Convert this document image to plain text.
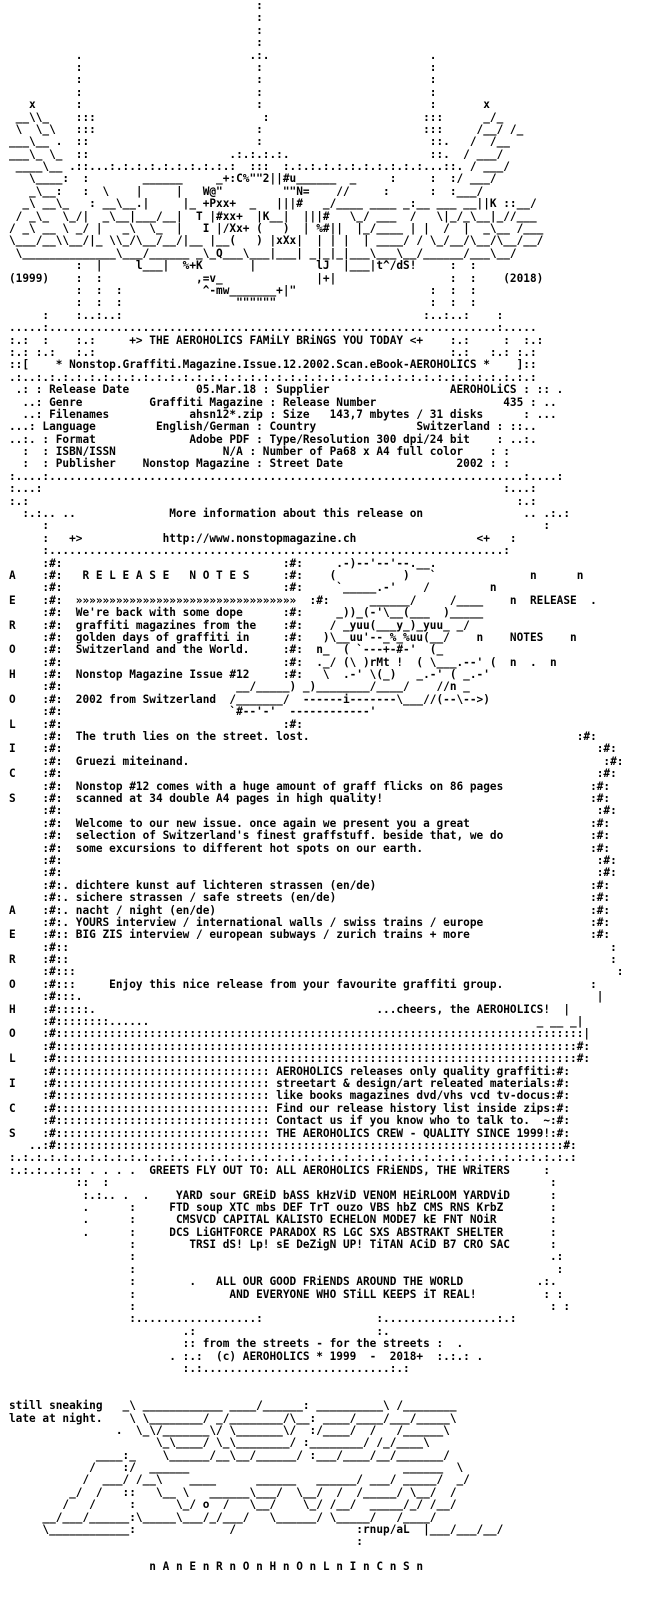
:
:
:
:
.                         .:.                        .
:                          :                         :
:                          :                         :
:                          :                         :
x      :                          :                         :       x
__\\_    :::                         :                       :::      _/_
\  \_\   :::                        :                        :::     /__/ /_
___\__ .  ::                         :                         ::.   /  /__
___\_ \_  ::                     .:.:.:.:.                     ::.  / ___/
____\__ .::...:.:.:.:.:.:.:.:.:.:  :::  :.:.:.:.:.:.:.:.:.:.:...::. / ___/
\____:  :        ______     _+:C%""2||#u______  _     :     :  :/ ___/
_\__:   :  \    |     |   W@"         ""N=    //     :      :  :___/
_\ __\_   : __\__.|     |_ +Pxx+  _   |||#   _/____ ____ _:__ ___ __||K ::__/
/ _\_  \_/|  _\__|___/__|  T |#xx+  |K__|  |||#   \_/ ___  /   \|_/_\__|_//___
/ _\ __ \ _/ |   _\  \_  |   I |/Xx+ (   )  | %#||  |_/____ | |  /  |  _\__ /___
\___/__\\__/|_ \\_/\__/__/|__ |__(   ) |xXx|  | | |  | ____/ / \_/__/\__/\__/__/
\______________\___/______ _\_Q___\___|___| _|_|_|___\___\__/______/___\__/
:  |     l___|  %+K       |         lJ  |___|t^/dS!     :  :
(1999)    :  :              ,=v_              |+|                 :  :    (2018)
:  :  :            ^-mw_______+|"                    :  :  :
:  :  :                 """"""                       :  :  :
:    :..:..:                                             :..:..:    :
.....:...................................................................:.....
:.:  :    :.:     +> THE AEROHOLICS FAMiLY BRiNGS YOU TODAY <+    :.:     :  :.:
:.: :.:   :.:                                                     :.:   :.: :.:
::[    * Nonstop.Graffiti.Magazine.Issue.12.2002.Scan.eBook-AEROHOLICS *    ]::
.:..:.:.:.:.:.:.:.:.:.:.:.:.:.:.:.:.:.:.:.:.:.:.:.:.:.:.:.:.:.:.:.:.:.:.:.:.:.:
.: : Release Date          05.Mar.18 : Supplier                  AEROHOLiCS : :: .
..: Genre          Graffiti Magazine : Release Number                   435 : ..
..: Filenames            ahsn12*.zip : Size   143,7 mbytes / 31 disks      : ...
...: Language         English/German : Country               Switzerland : ::..
..:. : Format              Adobe PDF : Type/Resolution 300 dpi/24 bit    : ..:.
:  : ISBN/ISSN                N/A : Number of Pa68 x A4 full color    : :
:  : Publisher    Nonstop Magazine : Street Date                 2002 : :
:....:.......................................................................:....:
:...:                                                                     :...:
:.:                                                                         :.:
:.:.. ..              More information about this release on               .. .:.:
:                                                                          :
:   +>            http://www.nonstopmagazine.ch                  <+   :
:....................................................................:
:#:                                 :#:     .-)--'--'--.__.
A    :#:   R E L E A S E   N O T E S     :#:    (          )   `              n      n
:#:                                 :#:     `_____.-'    /         n
E    :#:  »»»»»»»»»»»»»»»»»»»»»»»»»»»»»»»»»  :#:      ______/     /____    n  RELEASE  .
:#:  We're back with some dope      :#:     _))_(-'\__(___  )_____
R    :#:  graffiti magazines from the    :#:    / _yuu(___y_)_yuu_ _/
:#:  golden days of graffiti in     :#:   )\__uu'--_%_%uu(__/    n    NOTES    n
O    :#:  Switzerland and the World.     :#:  n_  ( `---+-#-'  (_
:#:                                 :#:  ._/ (\ )rMt !  ( \___.--' (  n  .  n
H    :#:  Nonstop Magazine Issue #12     :#:   \  .-' \(_)   _.-' ( _.-'
:#:                          __/_____) _)________/____/    //n _
O    :#:  2002 from Switzerland  /_______/  ------i-------\___//(--\-->)
:#:                         `#--'-'  ------------'
L    :#:                                 :#:
:#:  The truth lies on the street. lost.                                        :#:
I    :#:                                                                                :#:
:#:  Gruezi miteinand.                                                              :#:
C    :#:                                                                                :#:
:#:  Nonstop #12 comes with a huge amount of graff flicks on 86 pages             :#:
S    :#:  scanned at 34 double A4 pages in high quality!                               :#:
:#:                                                                                :#:
:#:  Welcome to our new issue. once again we present you a great                  :#:
:#:  selection of Switzerland's finest graffstuff. beside that, we do             :#:
:#:  some excursions to different hot spots on our earth.                         :#:
:#:                                                                                :#:
:#:                                                                                :#:
:#:. dichtere kunst auf lichteren strassen (en/de)                                :#:
:#:. sichere strassen / safe streets (en/de)                                      :#:
A    :#:. nacht / night (en/de)                                                        :#:
:#:. YOURS interview / international walls / swiss trains / europe                :#:
E    :#:: BIG ZIS interview / european subways / zurich trains + more                  :#:
:#::                                                                                 :
R    :#::                                                                                 :
:#:::                                                                                 :
O    :#:::     Enjoy this nice release from your favourite graffiti group.             :
:#:::.                                                                             |
H    :#:::::.                                          ...cheers, the AEROHOLICS!  |
:#::::::::......                                                          _ __ _|
O    :#:::::::::::::::::::::::::::::::::::::::::::::::::::::::::::::::::::::::::::::::|
:#::::::::::::::::::::::::::::::::::::::::::::::::::::::::::::::::::::::::::::::#:
L    :#::::::::::::::::::::::::::::::::::::::::::::::::::::::::::::::::::::::::::::::#:
:#:::::::::::::::::::::::::::::::: AEROHOLICS releases only quality graffiti:#:
I    :#:::::::::::::::::::::::::::::::: streetart & design/art releated materials:#:
:#:::::::::::::::::::::::::::::::: like books magazines dvd/vhs vcd tv-docus:#:
C    :#:::::::::::::::::::::::::::::::: Find our release history list inside zips:#:
:#:::::::::::::::::::::::::::::::: Contact us if you know who to talk to.  ~:#:
S    :#:::::::::::::::::::::::::::::::: THE AEROHOLICS CREW - QUALITY SINCE 1999!:#:
..:#::::::::::::::::::::::::::::::::::::::::::::::::::::::::::::::::::::::::::::#:
:.:.:.:.:.:.:.:.:.:.:.:.:.:.:.:.:.:.:.:.:.:.:.:.:.:.:.:.:.:.:.:.:.:.:.:.:.:.:.:.:.:.:
:.:.:..:.:: . . . .  GREETS FLY OUT TO: ALL AEROHOLICS FRiENDS, THE WRiTERS     :
::  :                                                                  :
:.:.. .  .    YARD sour GREiD bASS kHzViD VENOM HEiRLOOM YARDViD      :
.      :     FTD soup XTC mbs DEF TrT ouzo VBS hbZ CMS RNS KrbZ       :
.      :      CMSVCD CAPITAL KALISTO ECHELON MODE7 kE FNT NOiR        :
.      :     DCS LiGHTFORCE PARADOX RS LGC SXS ABSTRAKT SHELTER       :
:        TRSI dS! Lp! sE DeZigN UP! TiTAN ACiD B7 CRO SAC      :
:                                                              .:
:                                                               :
:        .   ALL OUR GOOD FRiENDS AROUND THE WORLD           .:.
:              AND EVERYONE WHO STiLL KEEPS iT REAL!          : :
:                                                              : :
:..................:                 :.................:.:
.:                           :.
:: from the streets - for the streets :  .
. :.:  (c) AEROHOLICS * 1999  -  2018+  :.:.: .
:.:............................:.:
still sneaking   _\ ____________ ____/______: __________\ /________
late at night.    \ \________/ _/________/\__: ____/____/___/_____\
.  \_\/_______\/ \_______\/  :/____/  /   /______\
\_\____/ \_\________/ :________/ /_/____\
____:_    \______/__\__/______/ :___/____/__/_______/
/    :/  ______                                ______  \
/  ___/ /__\    ____      ______   ______/ ___/ _____/  _/
_/  /   ::   \__ \   ______\___/  \__/  /  /_____/ \__/  /
/   /     :      \_/ o  /   \__/    \_/ /__/  _____/_/ /__/
__/___/______:\_____\___/_/___/   \______/ \_____/   /____/
\____________:              /                  :rnup/aL  |___/___/__/
:
n A n E n R n O n H n O n L n I n C n S n
